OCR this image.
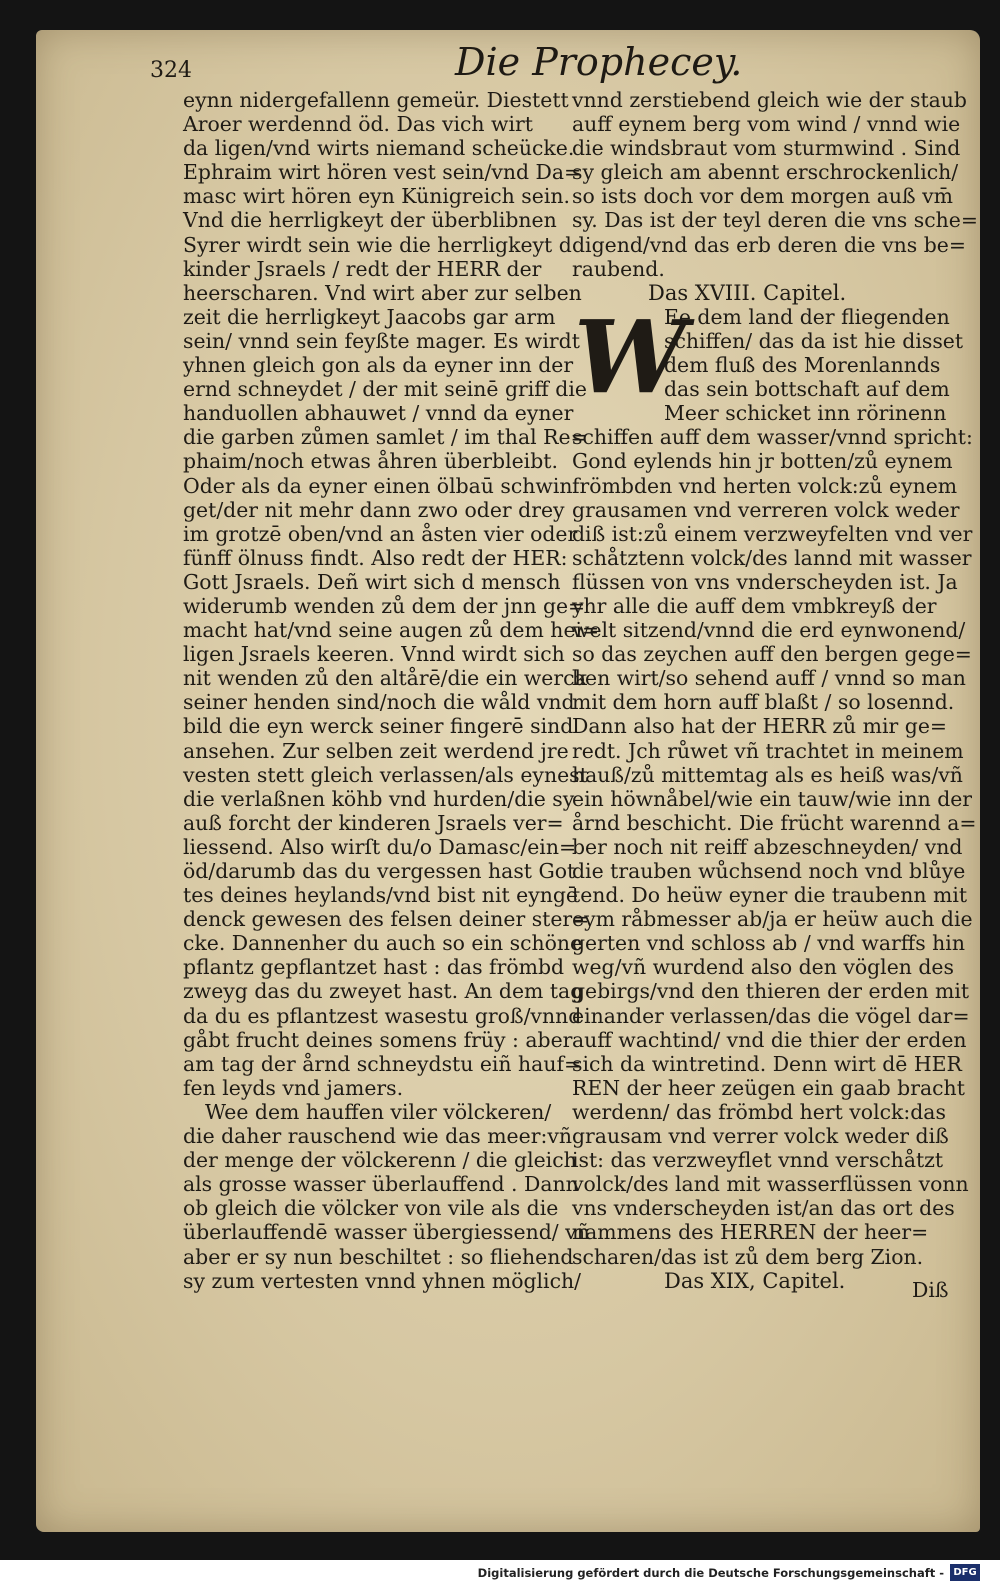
324	Die Prophecey.
eynn nidergefallenn gemeür. Diestett
Aroer werdennd öd. Das vich wirt
da ligen/vnd wirts niemand scheücke.
Ephraim wirt hören vest sein/vnd Da=
masc wirt hören eyn Künigreich sein.
Vnd die herrligkeyt der überblibnen
Syrer wirdt sein wie die herrligkeyt d
kinder Jsraels / redt der HERR der
heerscharen. Vnd wirt aber zur selben
zeit die herrligkeyt Jaacobs gar arm
sein/ vnnd sein feyßte mager. Es wirdt
yhnen gleich gon als da eyner inn der
ernd schneydet / der mit seinē griff die
handuollen abhauwet / vnnd da eyner
die garben zůmen samlet / im thal Re=
phaim/noch etwas åhren überbleibt.
Oder als da eyner einen ölbaū schwin
get/der nit mehr dann zwo oder drey
im grotzē oben/vnd an åsten vier oder
fünff ölnuss findt. Also redt der HER:
Gott Jsraels. Deñ wirt sich d mensch
widerumb wenden zů dem der jnn ge=
macht hat/vnd seine augen zů dem hei=
ligen Jsraels keeren. Vnnd wirdt sich
nit wenden zů den altårē/die ein werck
seiner henden sind/noch die wåld vnd
bild die eyn werck seiner fingerē sind
ansehen. Zur selben zeit werdend jre
vesten stett gleich verlassen/als eynest
die verlaßnen köhb vnd hurden/die sy
auß forcht der kinderen Jsraels ver=
liessend. Also wirſt du/o Damasc/ein=
öd/darumb das du vergessen hast Got
tes deines heylands/vnd bist nit eyngē
denck gewesen des felsen deiner ster=
cke. Dannenher du auch so ein schöne
pflantz gepflantzet hast : das frömbd
zweyg das du zweyet hast. An dem tag
da du es pflantzest wasestu groß/vnnd
gåbt frucht deines somens früy : aber
am tag der årnd schneydstu eiñ hauf=
fen leyds vnd jamers.
Wee dem hauffen viler völckeren/
die daher rauschend wie das meer:vñ
der menge der völckerenn / die gleich
als grosse wasser überlauffend . Dann
ob gleich die völcker von vile als die
überlauffendē wasser übergiessend/ vñ
aber er sy nun beschiltet : so fliehend
sy zum vertesten vnnd yhnen möglich/
vnnd zerstiebend gleich wie der staub
auff eynem berg vom wind / vnnd wie
die windsbraut vom sturmwind . Sind
sy gleich am abennt erschrockenlich/
so ists doch vor dem morgen auß vm̄
sy. Das ist der teyl deren die vns sche=
digend/vnd das erb deren die vns be=
raubend.
Das XVIII. Capitel.
W
Ee dem land der fliegenden
schiffen/ das da ist hie disset
dem fluß des Morenlannds
das sein bottschaft auf dem
Meer schicket inn rörinenn
schiffen auff dem wasser/vnnd spricht:
Gond eylends hin jr botten/zů eynem
frömbden vnd herten volck:zů eynem
grausamen vnd verreren volck weder
diß ist:zů einem verzweyfelten vnd ver
schåtztenn volck/des lannd mit wasser
flüssen von vns vnderscheyden ist. Ja
yhr alle die auff dem vmbkreyß der
welt sitzend/vnnd die erd eynwonend/
so das zeychen auff den bergen gege=
ben wirt/so sehend auff / vnnd so man
mit dem horn auff blaßt / so losennd.
Dann also hat der HERR zů mir ge=
redt. Jch růwet vñ trachtet in meinem
hauß/zů mittemtag als es heiß was/vñ
ein höwnåbel/wie ein tauw/wie inn der
årnd beschicht. Die frücht warennd a=
ber noch nit reiff abzeschneyden/ vnd
die trauben wůchsend noch vnd blůye
tend. Do heüw eyner die traubenn mit
eym råbmesser ab/ja er heüw auch die
gerten vnd schloss ab / vnd warffs hin
weg/vñ wurdend also den vöglen des
gebirgs/vnd den thieren der erden mit
einander verlassen/das die vögel dar=
auff wachtind/ vnd die thier der erden
sich da wintretind. Denn wirt dē HER
REN der heer zeügen ein gaab bracht
werdenn/ das frömbd hert volck:das
grausam vnd verrer volck weder diß
ist: das verzweyflet vnnd verschåtzt
volck/des land mit wasserflüssen vonn
vns vnderscheyden ist/an das ort des
nammens des HERREN der heer=
scharen/das ist zů dem berg Zion.
Das XIX, Capitel.	Diß
Digitalisierung gefördert durch die Deutsche Forschungsgemeinschaft - DFG
